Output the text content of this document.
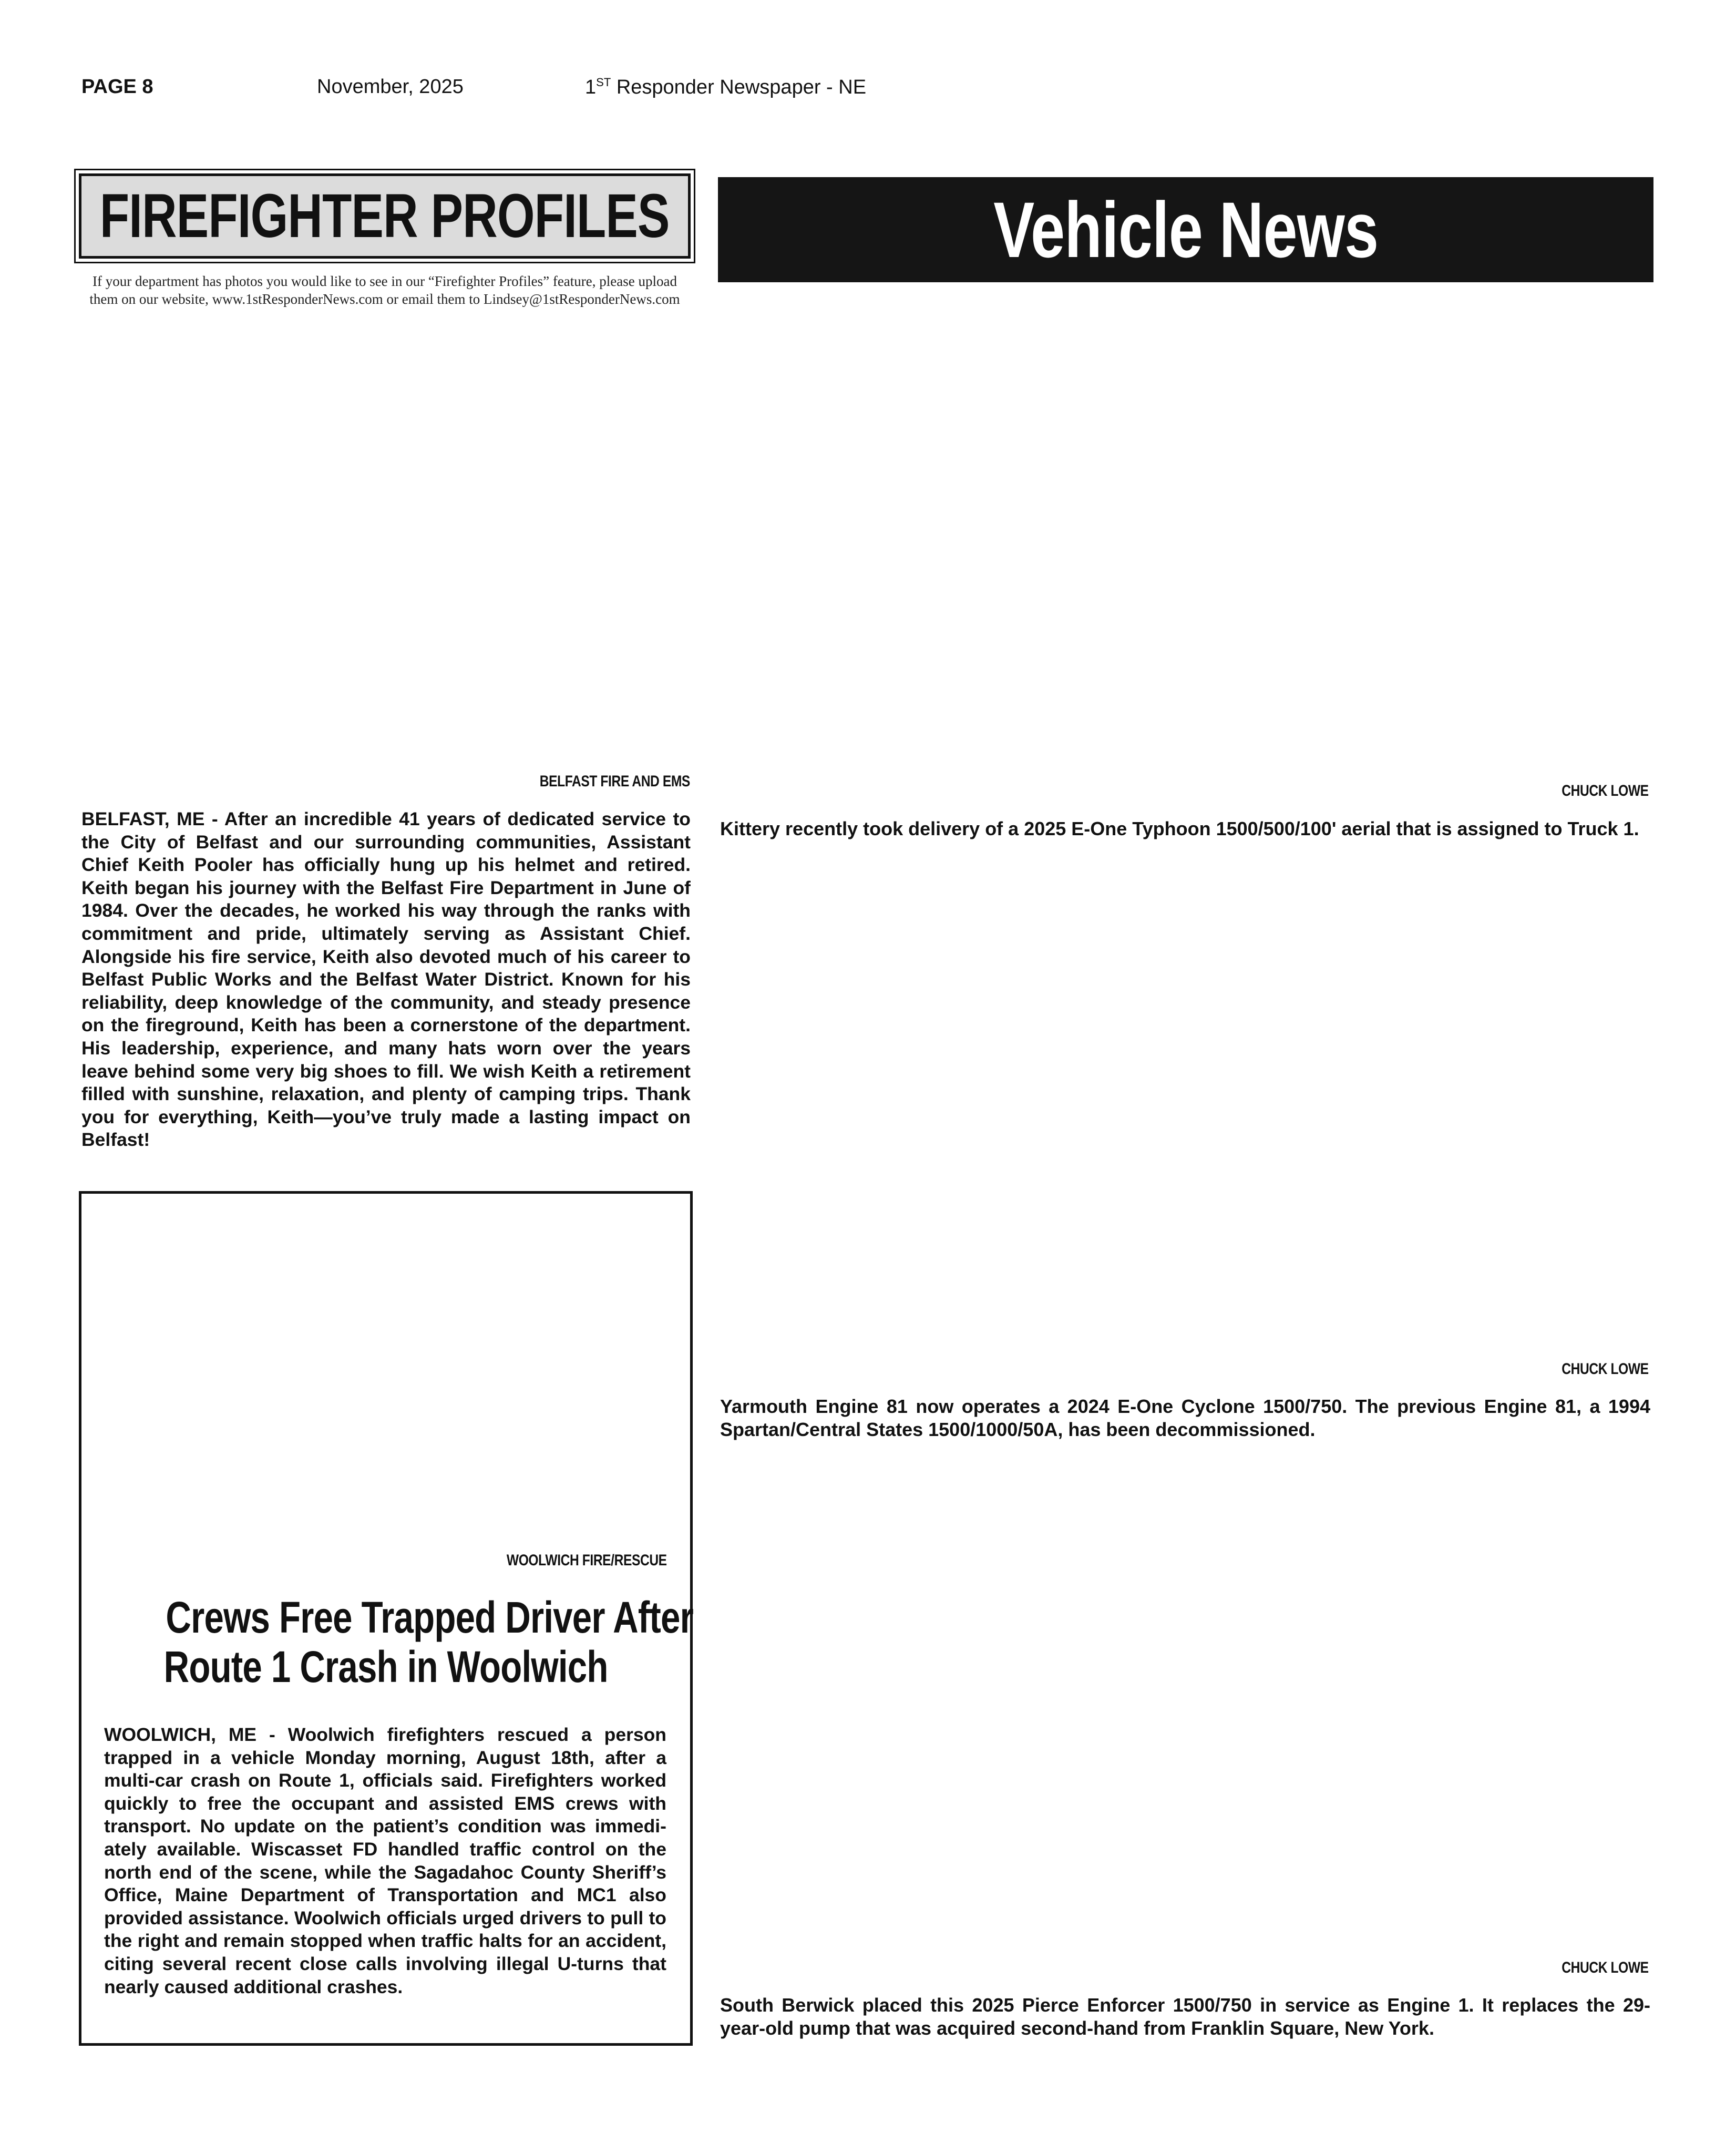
PAGE 8	November, 2025	1ST Responder Newspaper - NE
FIREFIGHTER PROFILES
If your department has photos you would like to see in our “Firefighter Profiles” feature, please upload them on our website, www.1stResponderNews.com or email them to Lindsey@1stResponderNews.com
BELFAST FIRE AND EMS
BELFAST, ME - After an incredible 41 years of dedicated service to the City of Belfast and our surrounding communities, Assistant Chief Keith Pooler has officially hung up his helmet and retired. Keith began his journey with the Belfast Fire Department in June of 1984. Over the decades, he worked his way through the ranks with commitment and pride, ultimately serving as Assistant Chief. Alongside his fire service, Keith also devoted much of his career to Belfast Public Works and the Belfast Water District. Known for his reliability, deep knowledge of the community, and steady presence on the fireground, Keith has been a cornerstone of the department. His leadership, experience, and many hats worn over the years leave behind some very big shoes to fill. We wish Keith a retirement filled with sunshine, relaxation, and plenty of camping trips. Thank you for everything, Keith—you’ve truly made a lasting impact on Belfast!
WOOLWICH FIRE/RESCUE
Crews Free Trapped Driver After
Route 1 Crash in Woolwich
WOOLWICH, ME - Woolwich firefighters rescued a person trapped in a vehicle Monday morning, August 18th, after a multi-car crash on Route 1, officials said. Firefighters worked quickly to free the occupant and assisted EMS crews with transport. No update on the patient’s condition was immediately available. Wiscasset FD handled traffic control on the north end of the scene, while the Sagadahoc County Sheriff’s Office, Maine Department of Transportation and MC1 also provided assistance. Woolwich officials urged drivers to pull to the right and remain stopped when traffic halts for an accident, citing several recent close calls involving illegal U-turns that nearly caused additional crashes.
Vehicle News
CHUCK LOWE
Kittery recently took delivery of a 2025 E-One Typhoon 1500/500/100' aerial that is assigned to Truck 1.
CHUCK LOWE
Yarmouth Engine 81 now operates a 2024 E-One Cyclone 1500/750. The previous Engine 81, a 1994 Spartan/Central States 1500/1000/50A, has been decommissioned.
CHUCK LOWE
South Berwick placed this 2025 Pierce Enforcer 1500/750 in service as Engine 1. It replaces the 29-year-old pump that was acquired second-hand from Franklin Square, New York.
